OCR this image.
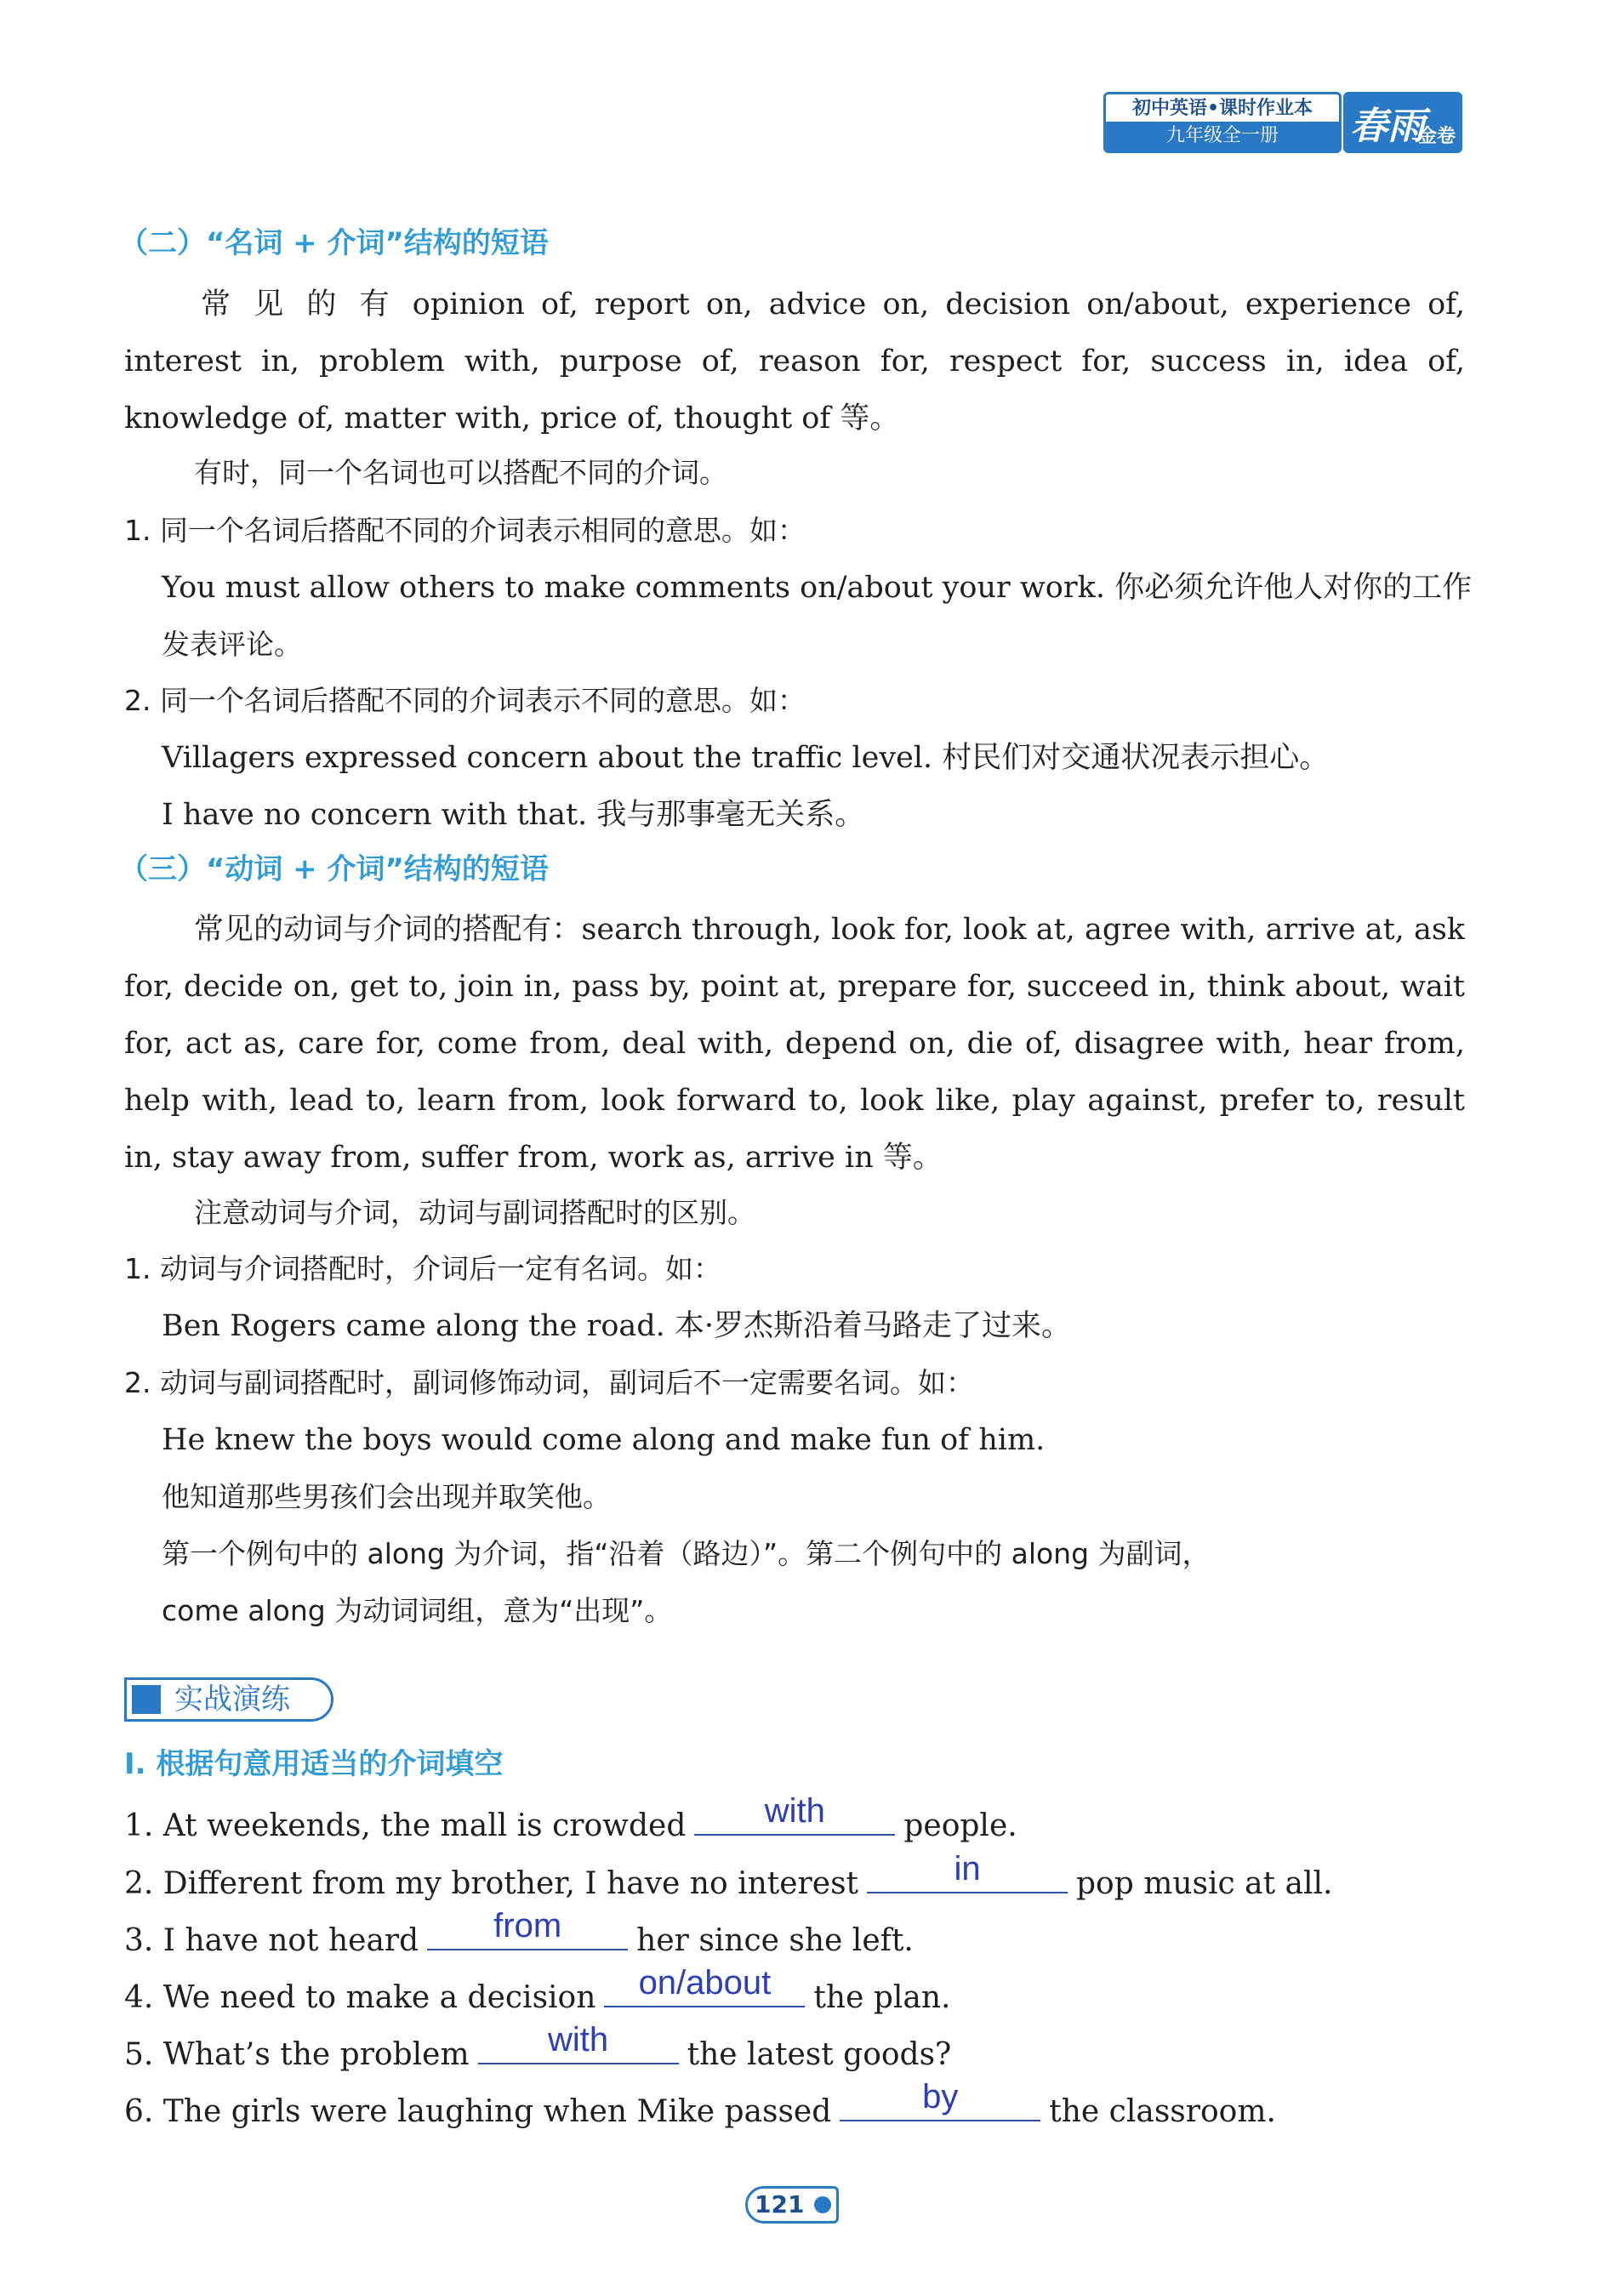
初中英语•课时作业本
九年级全一册	春雨
金卷
（二）“名词 + 介词”结构的短语
常 见 的 有 opinion of, report on, advice on, decision on/about, experience of, interest in, problem with, purpose of, reason for, respect for, success in, idea of, knowledge of, matter with, price of, thought of 等。
有时，同一个名词也可以搭配不同的介词。
1. 同一个名词后搭配不同的介词表示相同的意思。如：
You must allow others to make comments on/about your work. 你必须允许他人对你的工作
发表评论。
2. 同一个名词后搭配不同的介词表示不同的意思。如：
Villagers expressed concern about the traffic level. 村民们对交通状况表示担心。
I have no concern with that. 我与那事毫无关系。
（三）“动词 + 介词”结构的短语
常见的动词与介词的搭配有：search through, look for, look at, agree with, arrive at, ask for, decide on, get to, join in, pass by, point at, prepare for, succeed in, think about, wait for, act as, care for, come from, deal with, depend on, die of, disagree with, hear from, help with, lead to, learn from, look forward to, look like, play against, prefer to, result in, stay away from, suffer from, work as, arrive in 等。
注意动词与介词，动词与副词搭配时的区别。
1. 动词与介词搭配时，介词后一定有名词。如：
Ben Rogers came along the road. 本·罗杰斯沿着马路走了过来。
2. 动词与副词搭配时，副词修饰动词，副词后不一定需要名词。如：
He knew the boys would come along and make fun of him.
他知道那些男孩们会出现并取笑他。
第一个例句中的 along 为介词，指“沿着（路边）”。第二个例句中的 along 为副词，
come along 为动词词组，意为“出现”。
实战演练
I. 根据句意用适当的介词填空
1. At weekends, the mall is crowded	with	people.
2. Different from my brother, I have no interest	in	pop music at all.
3. I have not heard	from	her since she left.
4. We need to make a decision	on/about	the plan.
5. What’s the problem	with	the latest goods?
6. The girls were laughing when Mike passed	by	the classroom.
121
